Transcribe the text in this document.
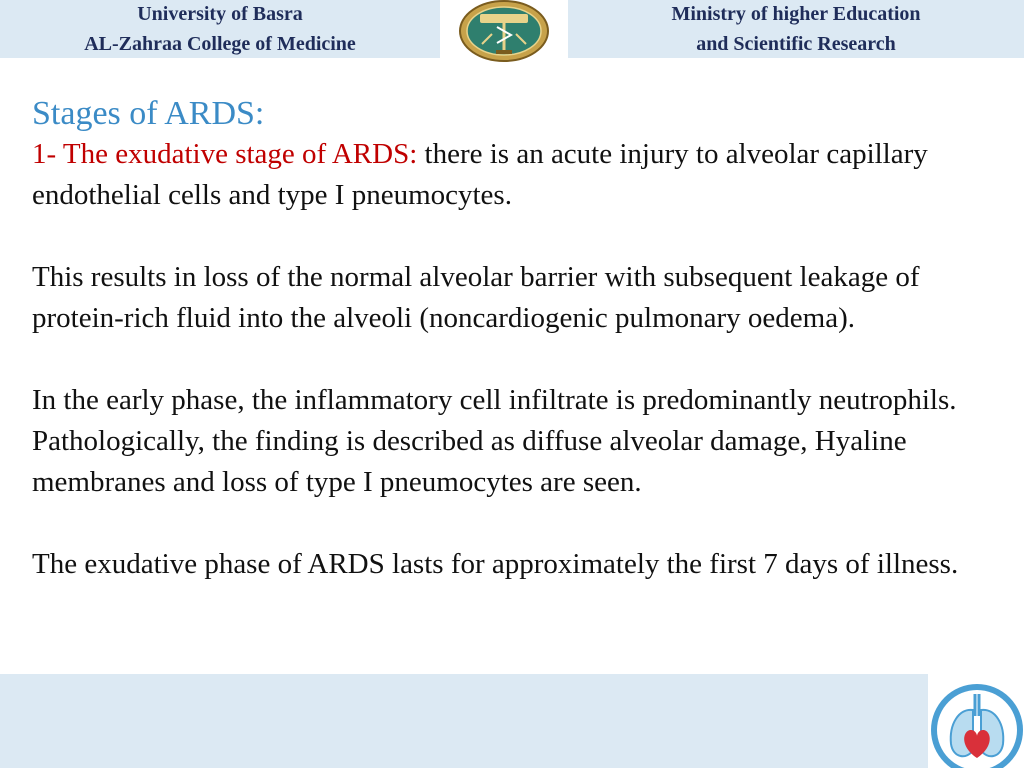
University of Basra
AL-Zahraa College of Medicine
Ministry of higher Education
and Scientific Research
Stages of ARDS:

1- The exudative stage of ARDS: there is an acute injury to alveolar capillary endothelial cells and type I pneumocytes.

This results in loss of the normal alveolar barrier with subsequent leakage of protein-rich fluid into the alveoli (noncardiogenic pulmonary oedema).

In the early phase, the inflammatory cell infiltrate is predominantly neutrophils. Pathologically, the finding is described as diffuse alveolar damage, Hyaline membranes and loss of type I pneumocytes are seen.

The exudative phase of ARDS lasts for approximately the first 7 days of illness.
